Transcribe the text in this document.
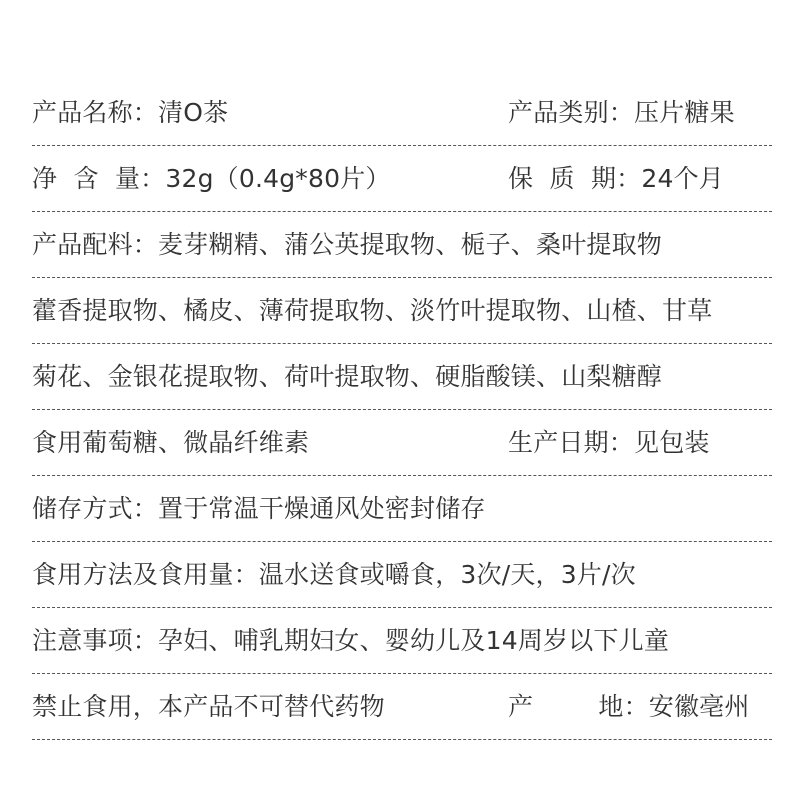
产品名称：清O茶	产品类别：压片糖果
净  含  量：32g（0.4g*80片）	保  质  期：24个月
产品配料：麦芽糊精、蒲公英提取物、栀子、桑叶提取物
藿香提取物、橘皮、薄荷提取物、淡竹叶提取物、山楂、甘草
菊花、金银花提取物、荷叶提取物、硬脂酸镁、山梨糖醇
食用葡萄糖、微晶纤维素	生产日期：见包装
储存方式：置于常温干燥通风处密封储存
食用方法及食用量：温水送食或嚼食，3次/天，3片/次
注意事项：孕妇、哺乳期妇女、婴幼儿及14周岁以下儿童
禁止食用，本产品不可替代药物	产        地：安徽亳州
